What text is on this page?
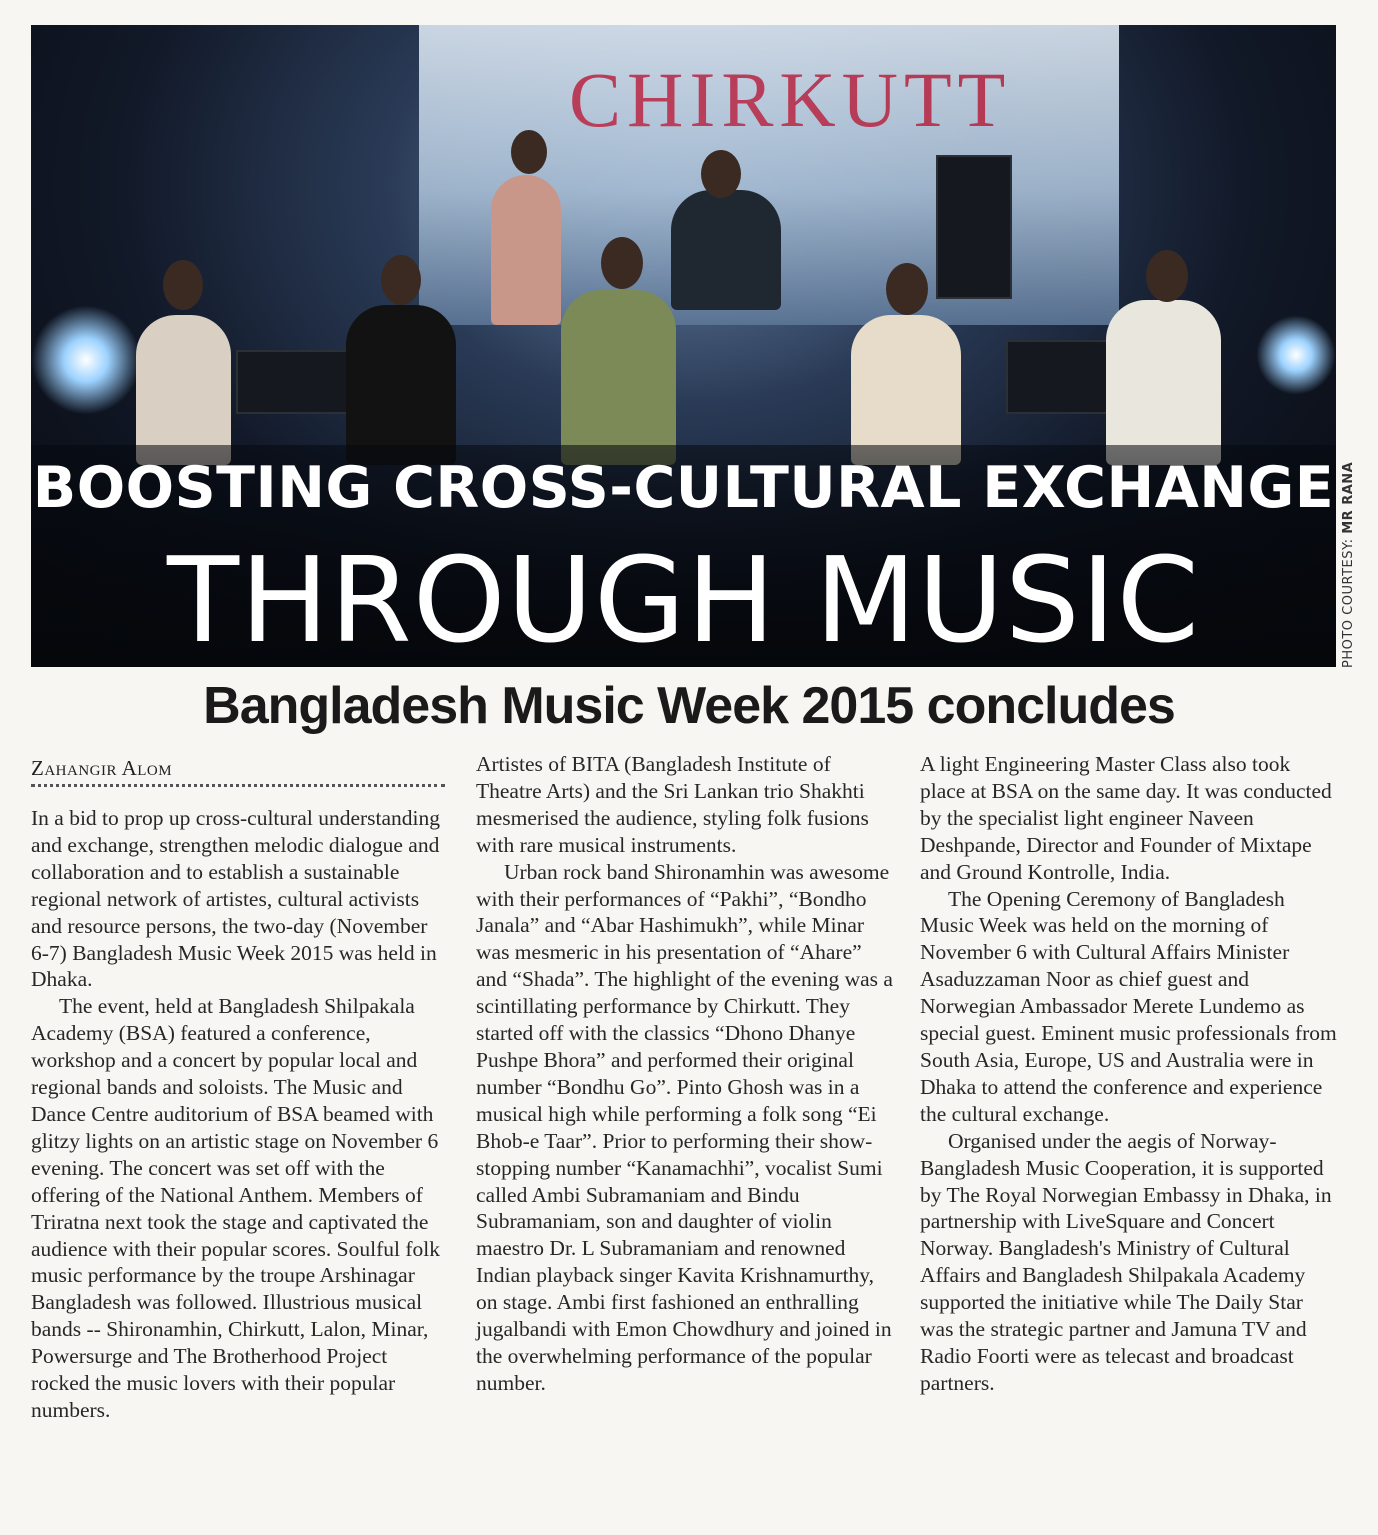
CHIRKUTT
BOOSTING CROSS-CULTURAL EXCHANGE
THROUGH MUSIC	PHOTO COURTESY: MR RANA
Bangladesh Music Week 2015 concludes
Zahangir Alom

In a bid to prop up cross-cultural understanding and exchange, strengthen melodic dialogue and collaboration and to establish a sustainable regional network of artistes, cultural activists and resource persons, the two-day (November 6-7) Bangladesh Music Week 2015 was held in Dhaka.

The event, held at Bangladesh Shilpakala Academy (BSA) featured a conference, workshop and a concert by popular local and regional bands and soloists. The Music and Dance Centre auditorium of BSA beamed with glitzy lights on an artistic stage on November 6 evening. The concert was set off with the offering of the National Anthem. Members of Triratna next took the stage and captivated the audience with their popular scores. Soulful folk music performance by the troupe Arshinagar Bangladesh was followed. Illustrious musical bands -- Shironamhin, Chirkutt, Lalon, Minar, Powersurge and The Brotherhood Project rocked the music lovers with their popular numbers.

Artistes of BITA (Bangladesh Institute of Theatre Arts) and the Sri Lankan trio Shakhti mesmerised the audience, styling folk fusions with rare musical instruments.

Urban rock band Shironamhin was awesome with their performances of “Pakhi”, “Bondho Janala” and “Abar Hashimukh”, while Minar was mesmeric in his presentation of “Ahare” and “Shada”. The highlight of the evening was a scintillating performance by Chirkutt. They started off with the classics “Dhono Dhanye Pushpe Bhora” and performed their original number “Bondhu Go”. Pinto Ghosh was in a musical high while performing a folk song “Ei Bhob-e Taar”. Prior to performing their show-stopping number “Kanamachhi”, vocalist Sumi called Ambi Subramaniam and Bindu Subramaniam, son and daughter of violin maestro Dr. L Subramaniam and renowned Indian playback singer Kavita Krishnamurthy, on stage. Ambi first fashioned an enthralling jugalbandi with Emon Chowdhury and joined in the overwhelming performance of the popular number.

A light Engineering Master Class also took place at BSA on the same day. It was conducted by the specialist light engineer Naveen Deshpande, Director and Founder of Mixtape and Ground Kontrolle, India.

The Opening Ceremony of Bangladesh Music Week was held on the morning of November 6 with Cultural Affairs Minister Asaduzzaman Noor as chief guest and Norwegian Ambassador Merete Lundemo as special guest. Eminent music professionals from South Asia, Europe, US and Australia were in Dhaka to attend the conference and experience the cultural exchange.

Organised under the aegis of Norway-Bangladesh Music Cooperation, it is supported by The Royal Norwegian Embassy in Dhaka, in partnership with LiveSquare and Concert Norway. Bangladesh's Ministry of Cultural Affairs and Bangladesh Shilpakala Academy supported the initiative while The Daily Star was the strategic partner and Jamuna TV and Radio Foorti were as telecast and broadcast partners.
